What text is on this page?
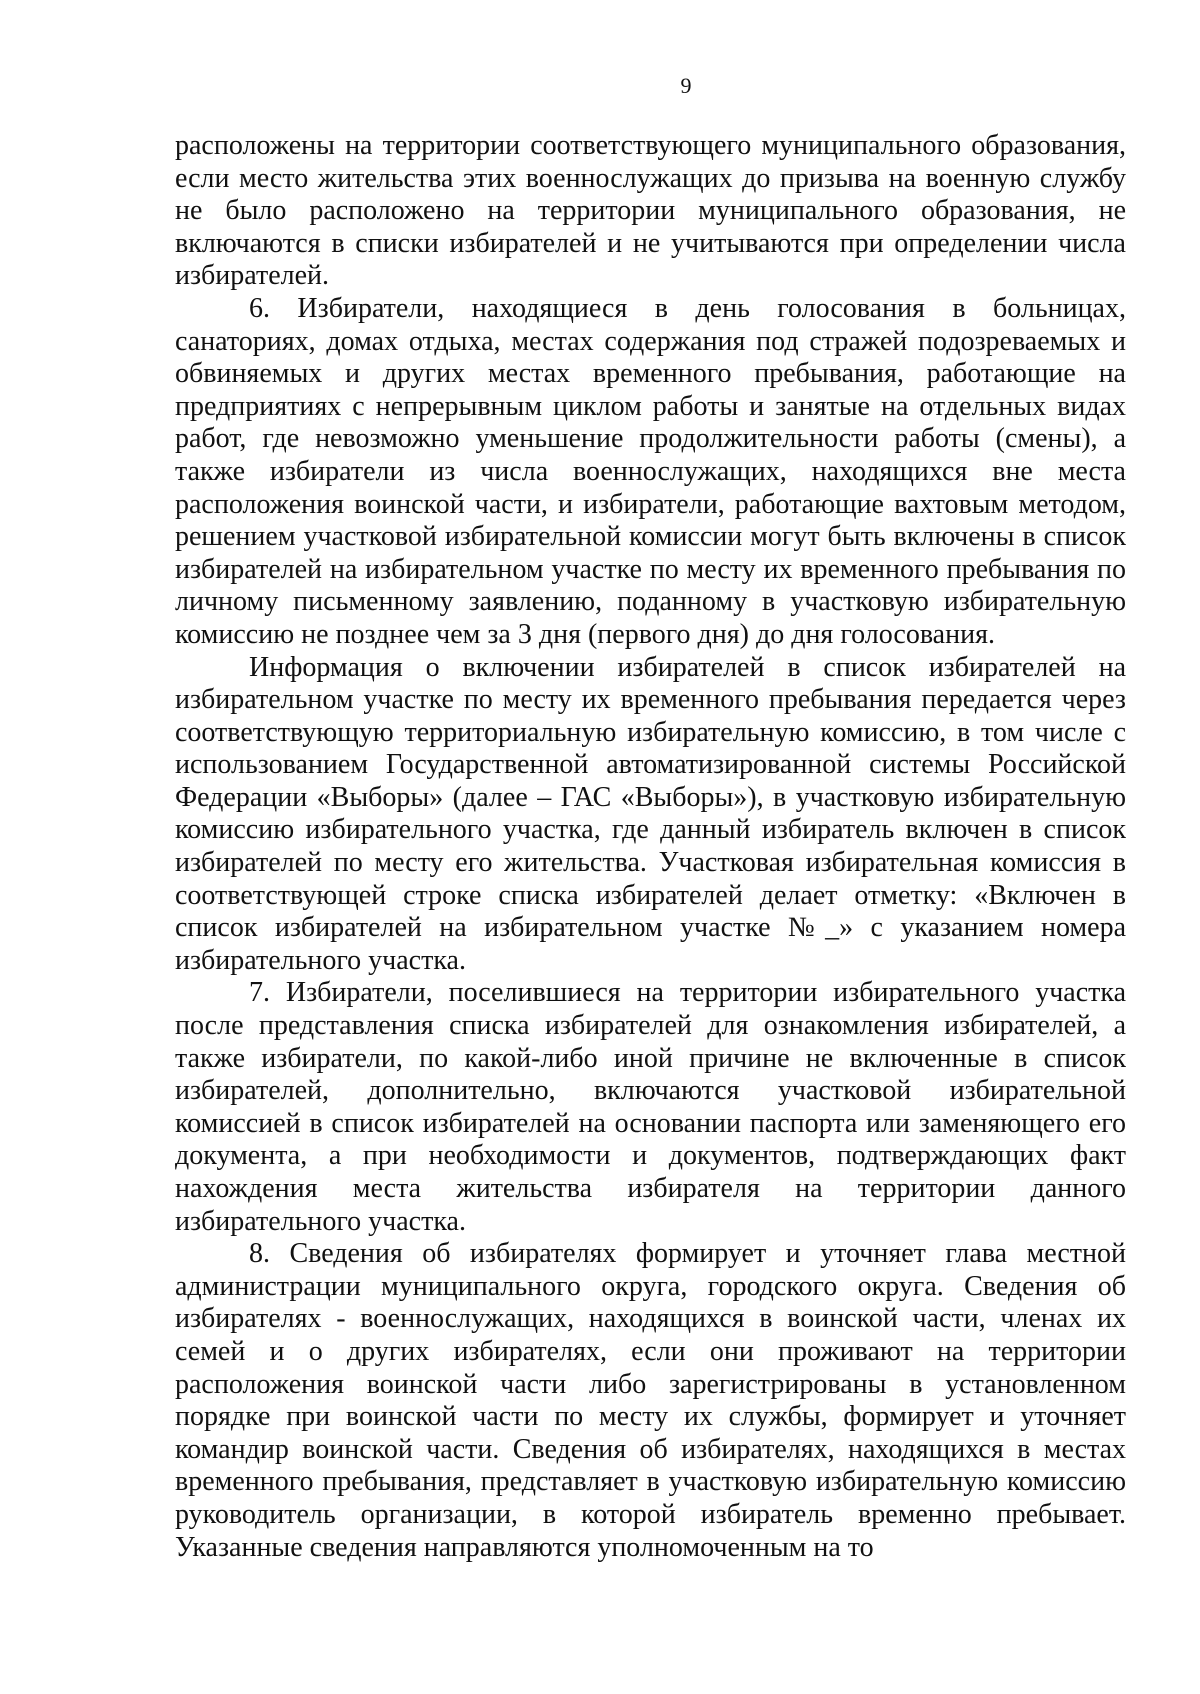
9

расположены на территории соответствующего муниципального образования, если место жительства этих военнослужащих до призыва на военную службу не было расположено на территории муниципального образования, не включаются в списки избирателей и не учитываются при определении числа избирателей.

6. Избиратели, находящиеся в день голосования в больницах, санаториях, домах отдыха, местах содержания под стражей подозреваемых и обвиняемых и других местах временного пребывания, работающие на предприятиях с непрерывным циклом работы и занятые на отдельных видах работ, где невозможно уменьшение продолжительности работы (смены), а также избиратели из числа военнослужащих, находящихся вне места расположения воинской части, и избиратели, работающие вахтовым методом, решением участковой избирательной комиссии могут быть включены в список избирателей на избирательном участке по месту их временного пребывания по личному письменному заявлению, поданному в участковую избирательную комиссию не позднее чем за 3 дня (первого дня) до дня голосования.

Информация о включении избирателей в список избирателей на избирательном участке по месту их временного пребывания передается через соответствующую территориальную избирательную комиссию, в том числе с использованием Государственной автоматизированной системы Российской Федерации «Выборы» (далее – ГАС «Выборы»), в участковую избирательную комиссию избирательного участка, где данный избиратель включен в список избирателей по месту его жительства. Участковая избирательная комиссия в соответствующей строке списка избирателей делает отметку: «Включен в список избирателей на избирательном участке №_» с указанием номера избирательного участка.

7. Избиратели, поселившиеся на территории избирательного участка после представления списка избирателей для ознакомления избирателей, а также избиратели, по какой-либо иной причине не включенные в список избирателей, дополнительно, включаются участковой избирательной комиссией в список избирателей на основании паспорта или заменяющего его документа, а при необходимости и документов, подтверждающих факт нахождения места жительства избирателя на территории данного избирательного участка.

8. Сведения об избирателях формирует и уточняет глава местной администрации муниципального округа, городского округа. Сведения об избирателях - военнослужащих, находящихся в воинской части, членах их семей и о других избирателях, если они проживают на территории расположения воинской части либо зарегистрированы в установленном порядке при воинской части по месту их службы, формирует и уточняет командир воинской части. Сведения об избирателях, находящихся в местах временного пребывания, представляет в участковую избирательную комиссию руководитель организации, в которой избиратель временно пребывает. Указанные сведения направляются уполномоченным на то
